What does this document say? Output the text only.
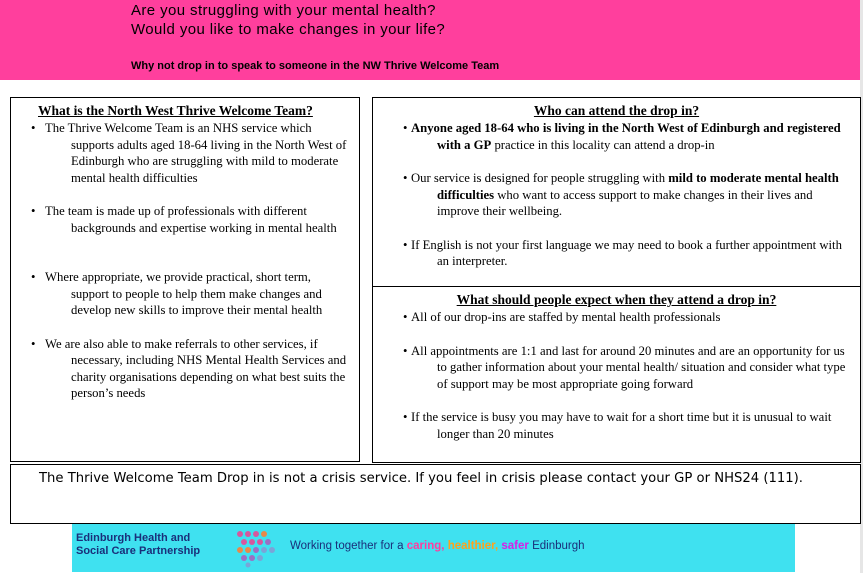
Are you struggling with your mental health?
Would you like to make changes in your life?
Why not drop in to speak to someone in the NW Thrive Welcome Team
What is the North West Thrive Welcome Team?
• The Thrive Welcome Team is an NHS service which supports adults aged 18-64 living in the North West of Edinburgh who are struggling with mild to moderate mental health difficulties
• The team is made up of professionals with different backgrounds and expertise working in mental health
• Where appropriate, we provide practical, short term, support to people to help them make changes and develop new skills to improve their mental health
• We are also able to make referrals to other services, if necessary, including NHS Mental Health Services and charity organisations depending on what best suits the person’s needs
Who can attend the drop in?
• Anyone aged 18-64 who is living in the North West of Edinburgh and registered with a GP practice in this locality can attend a drop-in
• Our service is designed for people struggling with mild to moderate mental health difficulties who want to access support to make changes in their lives and improve their wellbeing.
• If English is not your first language we may need to book a further appointment with an interpreter.
What should people expect when they attend a drop in?
• All of our drop-ins are staffed by mental health professionals
• All appointments are 1:1 and last for around 20 minutes and are an opportunity for us to gather information about your mental health/ situation and consider what type of support may be most appropriate going forward
• If the service is busy you may have to wait for a short time but it is unusual to wait longer than 20 minutes
The Thrive Welcome Team Drop in is not a crisis service. If you feel in crisis please contact your GP or NHS24 (111).
Edinburgh Health and
Social Care Partnership	Working together for a caring, healthier, safer Edinburgh
